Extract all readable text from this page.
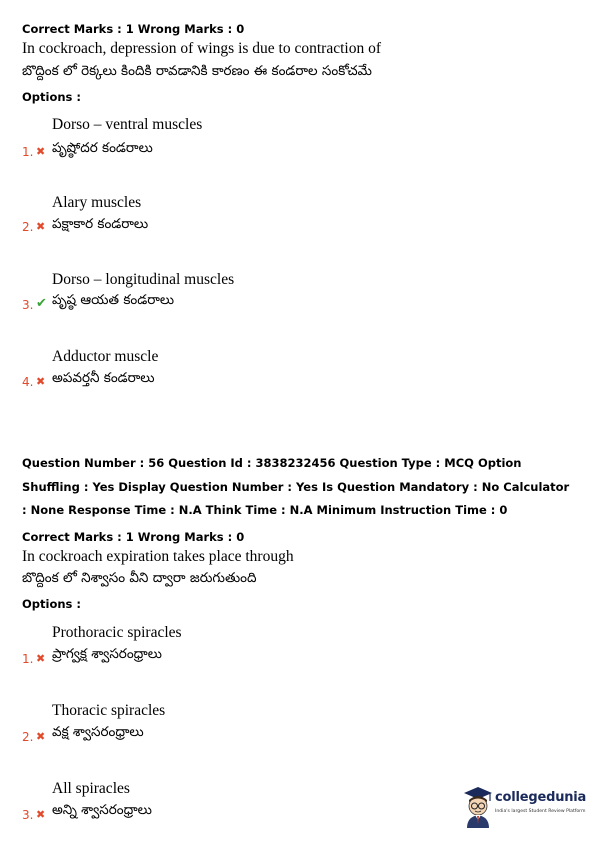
Correct Marks : 1 Wrong Marks : 0
In cockroach, depression of wings is due to contraction of
బొద్దింక లో రెక్కలు కిందికి రావడానికి కారణం ఈ కండరాల సంకోచమే
Options :
Dorso – ventral muscles
1. ✖ పృష్ఠోదర కండరాలు
Alary muscles
2. ✖ పక్షాకార కండరాలు
Dorso – longitudinal muscles
3. ✔ పృష్ఠ ఆయత కండరాలు
Adductor muscle
4. ✖ అపవర్తనీ కండరాలు
Question Number : 56 Question Id : 3838232456 Question Type : MCQ Option Shuffling : Yes Display Question Number : Yes Is Question Mandatory : No Calculator : None Response Time : N.A Think Time : N.A Minimum Instruction Time : 0
Correct Marks : 1 Wrong Marks : 0
In cockroach expiration takes place through
బొద్దింక లో నిశ్వాసం వీని ద్వారా జరుగుతుంది
Options :
Prothoracic spiracles
1. ✖ ప్రాగ్వక్ష శ్వాసరంధ్రాలు
Thoracic spiracles
2. ✖ వక్ష శ్వాసరంధ్రాలు
All spiracles
3. ✖ అన్ని శ్వాసరంధ్రాలు
collegedunia
India's largest Student Review Platform
